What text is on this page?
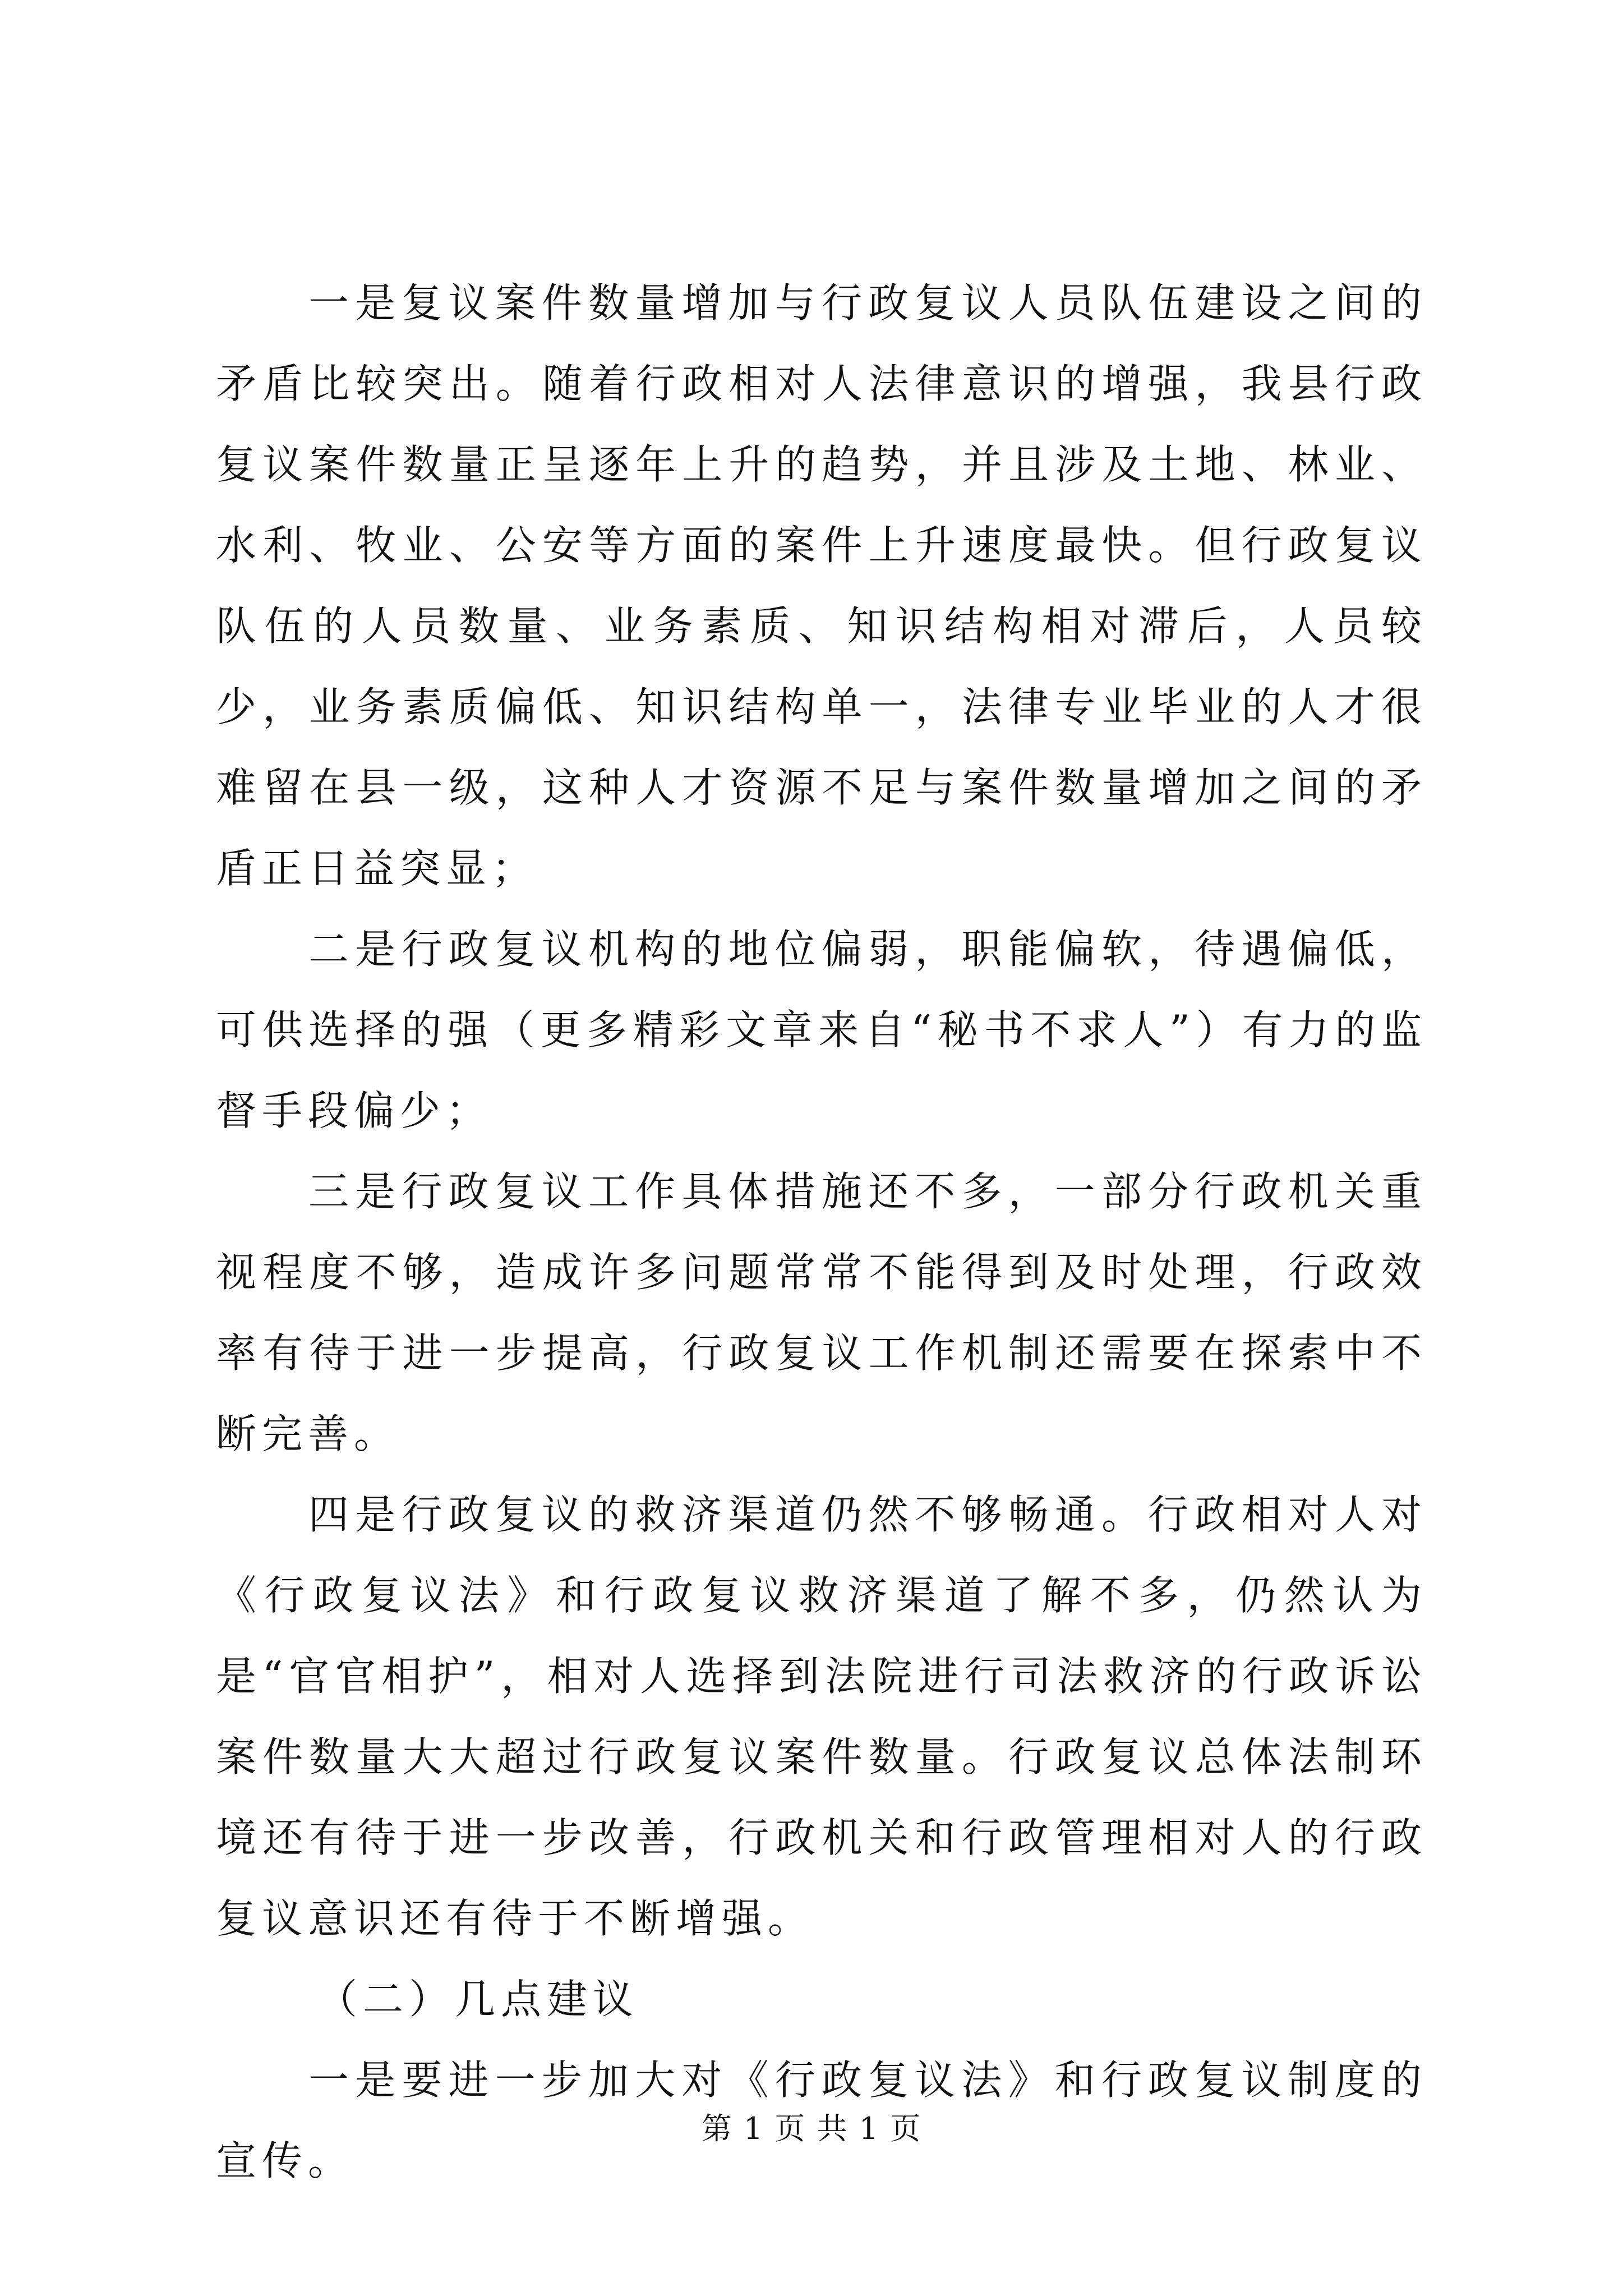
一是复议案件数量增加与行政复议人员队伍建设之间的矛盾比较突出。随着行政相对人法律意识的增强，我县行政复议案件数量正呈逐年上升的趋势，并且涉及土地、林业、水利、牧业、公安等方面的案件上升速度最快。但行政复议队伍的人员数量、业务素质、知识结构相对滞后，人员较少，业务素质偏低、知识结构单一，法律专业毕业的人才很难留在县一级，这种人才资源不足与案件数量增加之间的矛盾正日益突显；

二是行政复议机构的地位偏弱，职能偏软，待遇偏低，可供选择的强（更多精彩文章来自“秘书不求人”）有力的监督手段偏少；

三是行政复议工作具体措施还不多，一部分行政机关重视程度不够，造成许多问题常常不能得到及时处理，行政效率有待于进一步提高，行政复议工作机制还需要在探索中不断完善。

四是行政复议的救济渠道仍然不够畅通。行政相对人对《行政复议法》和行政复议救济渠道了解不多，仍然认为是“官官相护”，相对人选择到法院进行司法救济的行政诉讼案件数量大大超过行政复议案件数量。行政复议总体法制环境还有待于进一步改善，行政机关和行政管理相对人的行政复议意识还有待于不断增强。

（二）几点建议

一是要进一步加大对《行政复议法》和行政复议制度的宣传。

第 1 页 共 1 页
